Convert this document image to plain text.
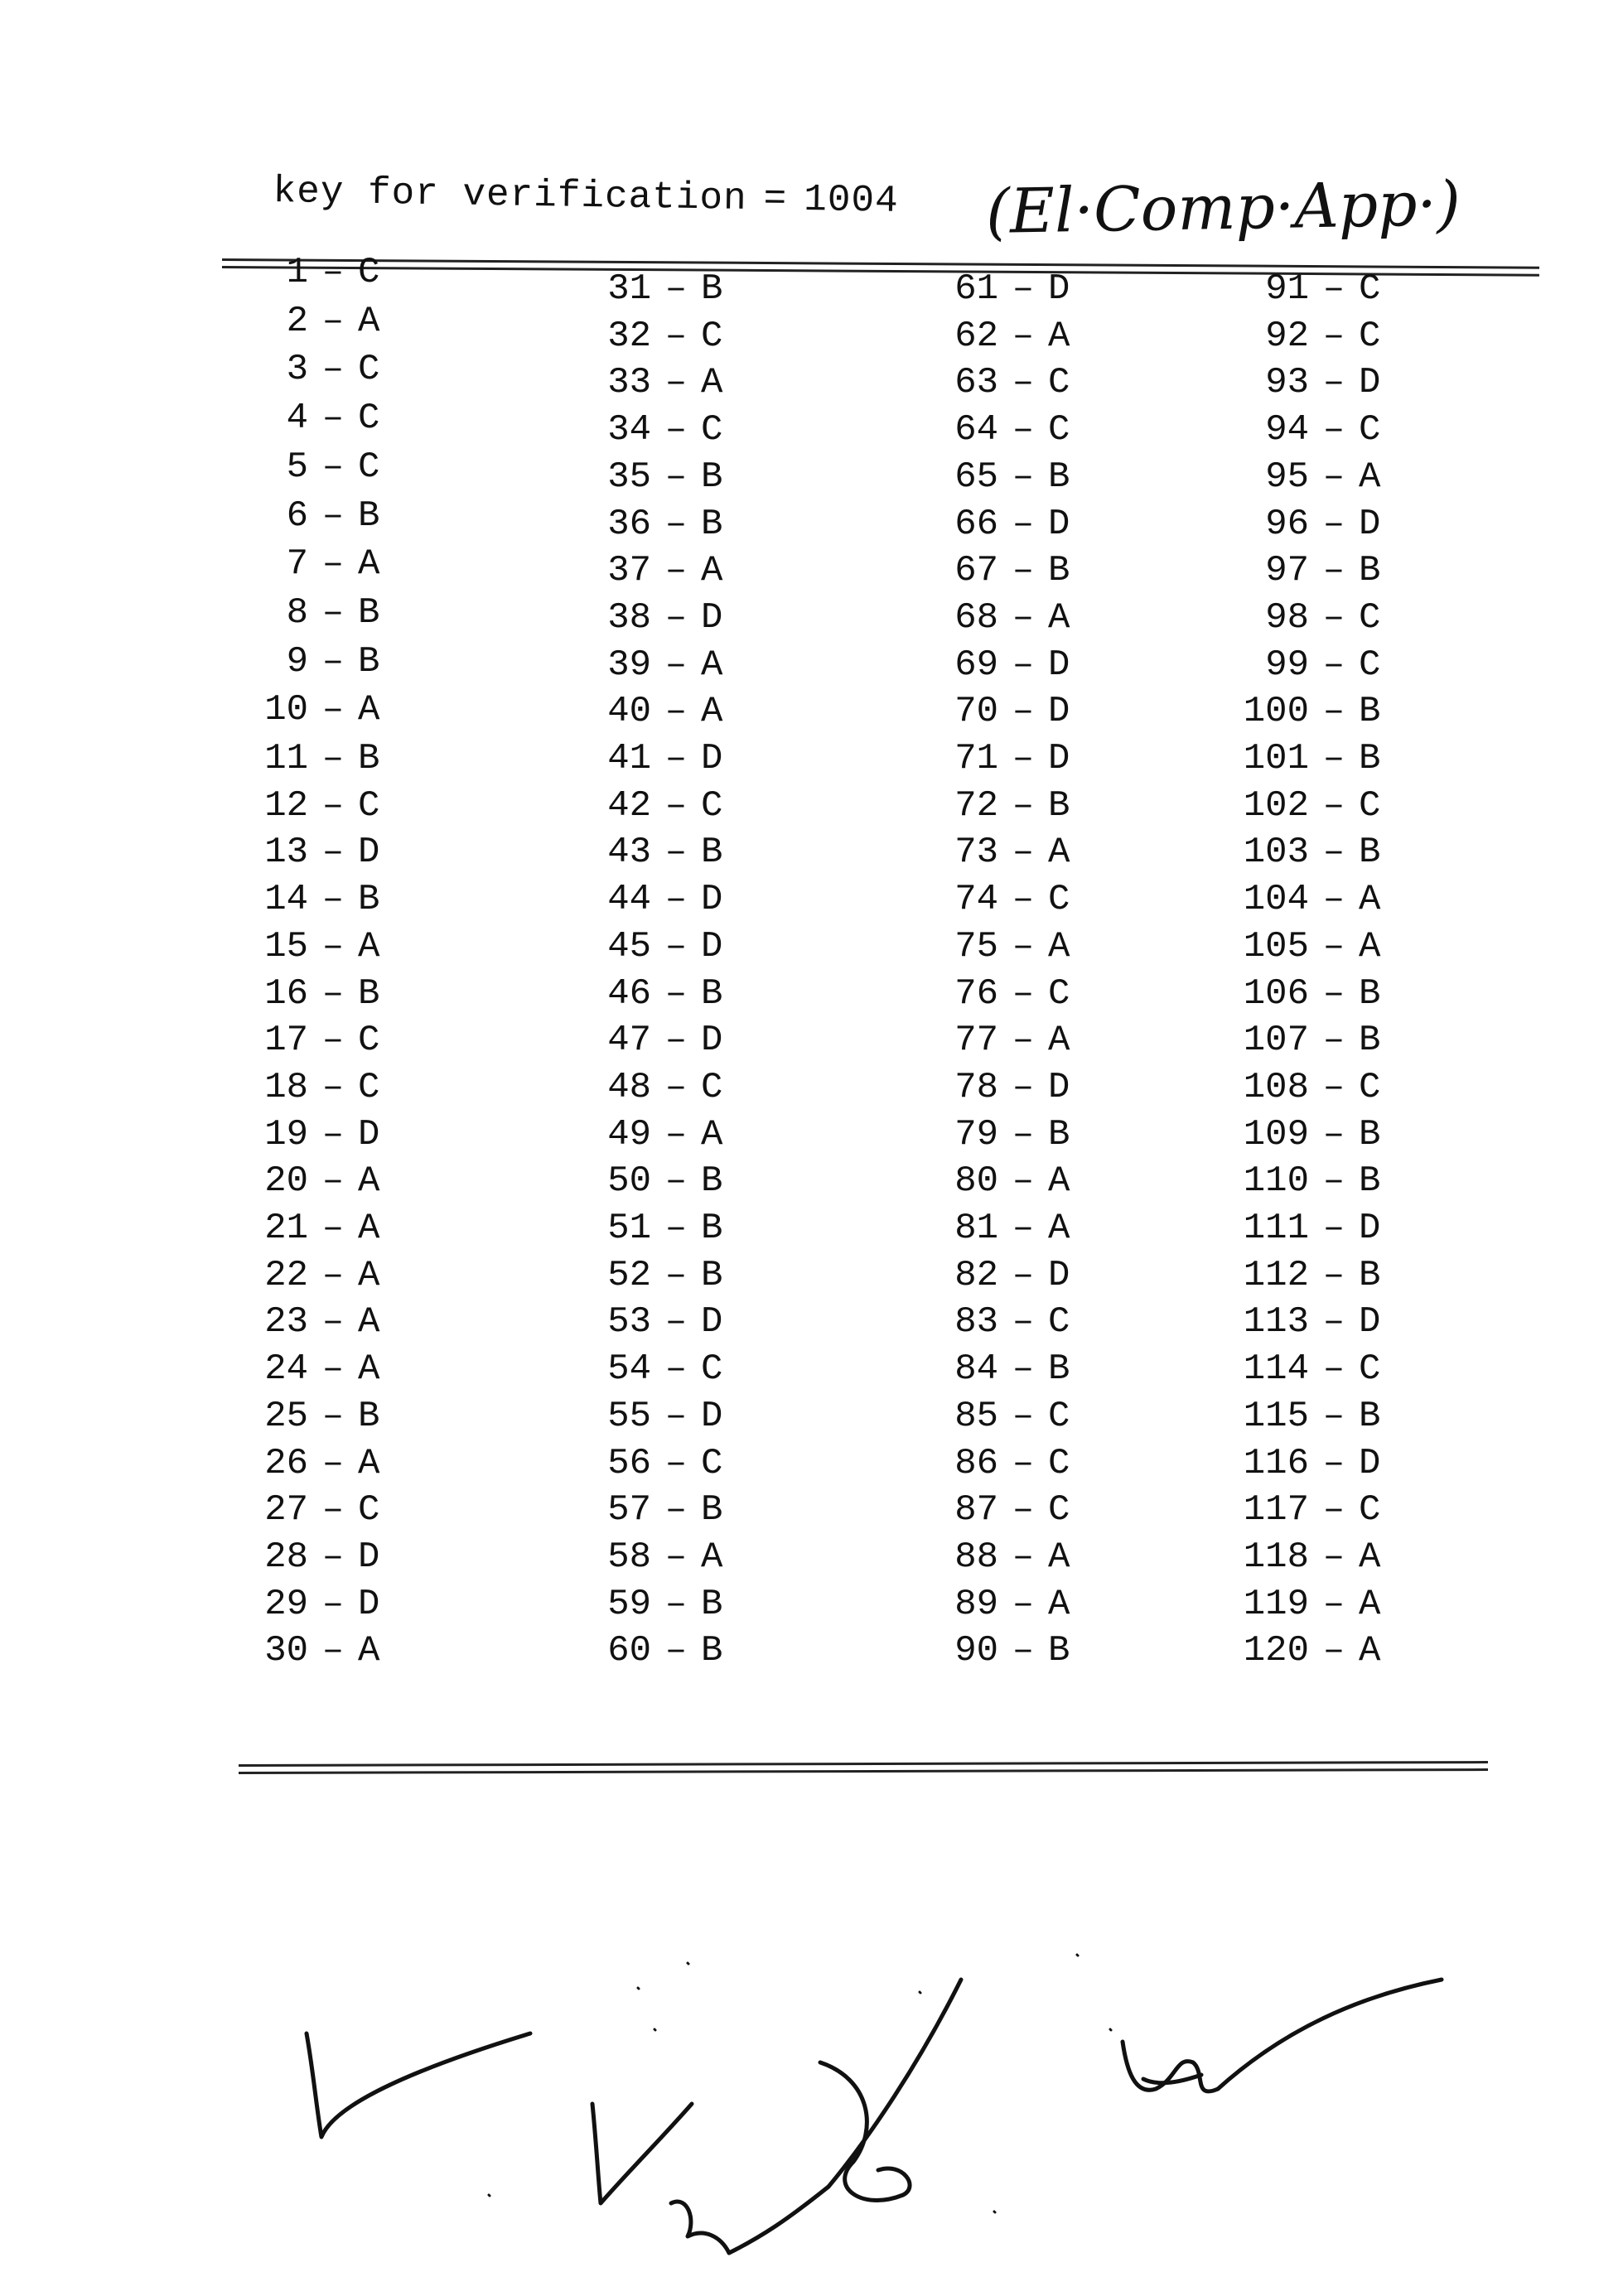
key for verification = 1004 (El·Comp·App·)
1 – C
2 – A
3 – C
4 – C
5 – C
6 – B
7 – A
8 – B
9 – B
10 – A
11 – B
12 – C
13 – D
14 – B
15 – A
16 – B
17 – C
18 – C
19 – D
20 – A
21 – A
22 – A
23 – A
24 – A
25 – B
26 – A
27 – C
28 – D
29 – D
30 – A
31 – B
32 – C
33 – A
34 – C
35 – B
36 – B
37 – A
38 – D
39 – A
40 – A
41 – D
42 – C
43 – B
44 – D
45 – D
46 – B
47 – D
48 – C
49 – A
50 – B
51 – B
52 – B
53 – D
54 – C
55 – D
56 – C
57 – B
58 – A
59 – B
60 – B
61 – D
62 – A
63 – C
64 – C
65 – B
66 – D
67 – B
68 – A
69 – D
70 – D
71 – D
72 – B
73 – A
74 – C
75 – A
76 – C
77 – A
78 – D
79 – B
80 – A
81 – A
82 – D
83 – C
84 – B
85 – C
86 – C
87 – C
88 – A
89 – A
90 – B
91 – C
92 – C
93 – D
94 – C
95 – A
96 – D
97 – B
98 – C
99 – C
100 – B
101 – B
102 – C
103 – B
104 – A
105 – A
106 – B
107 – B
108 – C
109 – B
110 – B
111 – D
112 – B
113 – D
114 – C
115 – B
116 – D
117 – C
118 – A
119 – A
120 – A
